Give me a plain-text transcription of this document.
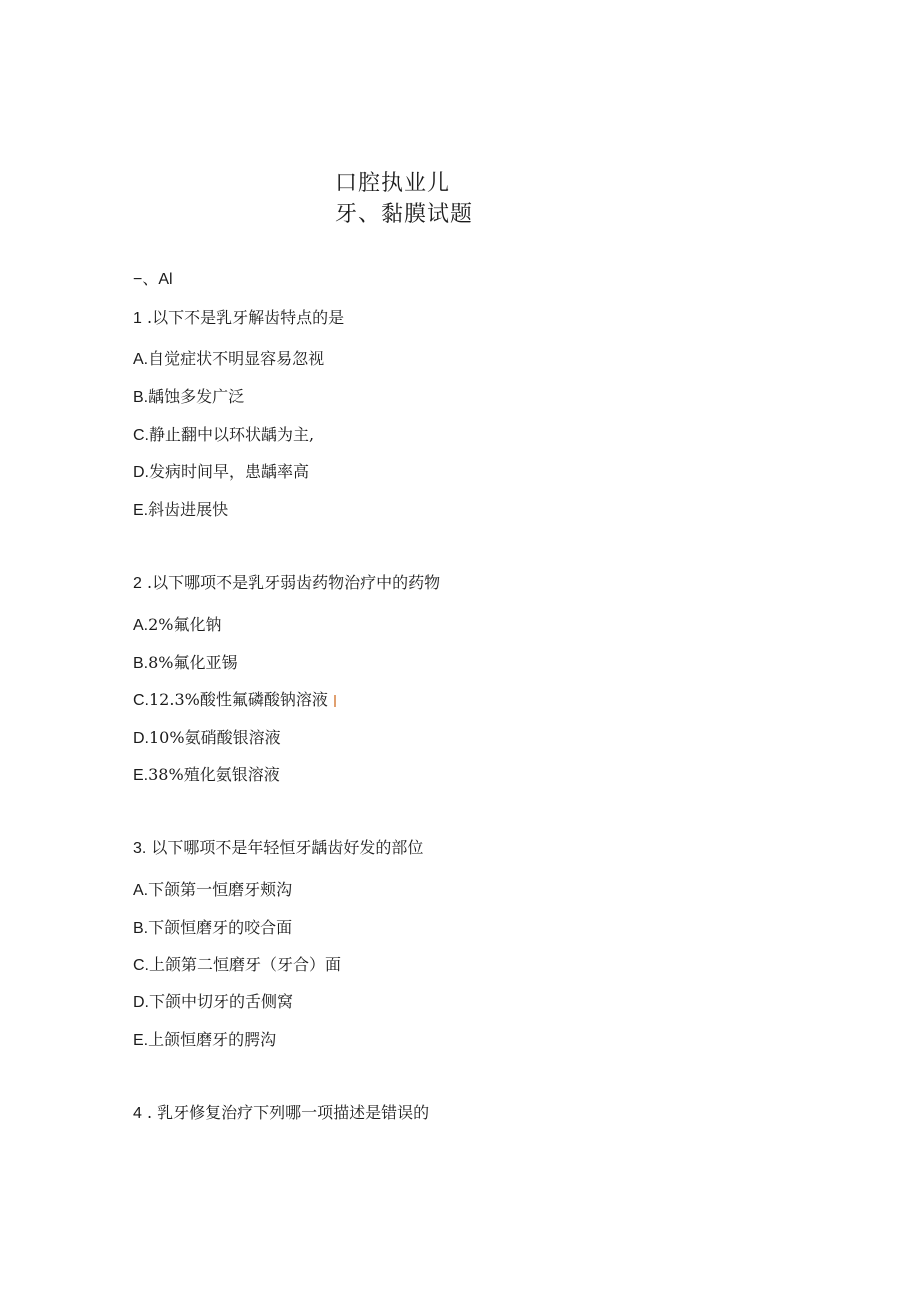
口腔执业儿
牙、黏膜试题
−、Al
1 .以下不是乳牙解齿特点的是
A.自觉症状不明显容易忽视
B.龋蚀多发广泛
C.静止翻中以环状龋为主,
D.发病时间早，患龋率高
E.斜齿进展快
2 .以下哪项不是乳牙弱齿药物治疗中的药物
A.2%氟化钠
B.8%氟化亚锡
C.12.3%酸性氟磷酸钠溶液
D.10%氨硝酸银溶液
E.38%殖化氨银溶液
3. 以下哪项不是年轻恒牙龋齿好发的部位
A.下颌第一恒磨牙颊沟
B.下颌恒磨牙的咬合面
C.上颌第二恒磨牙（牙合）面
D.下颌中切牙的舌侧窝
E.上颌恒磨牙的腭沟
4 . 乳牙修复治疗下列哪一项描述是错误的
